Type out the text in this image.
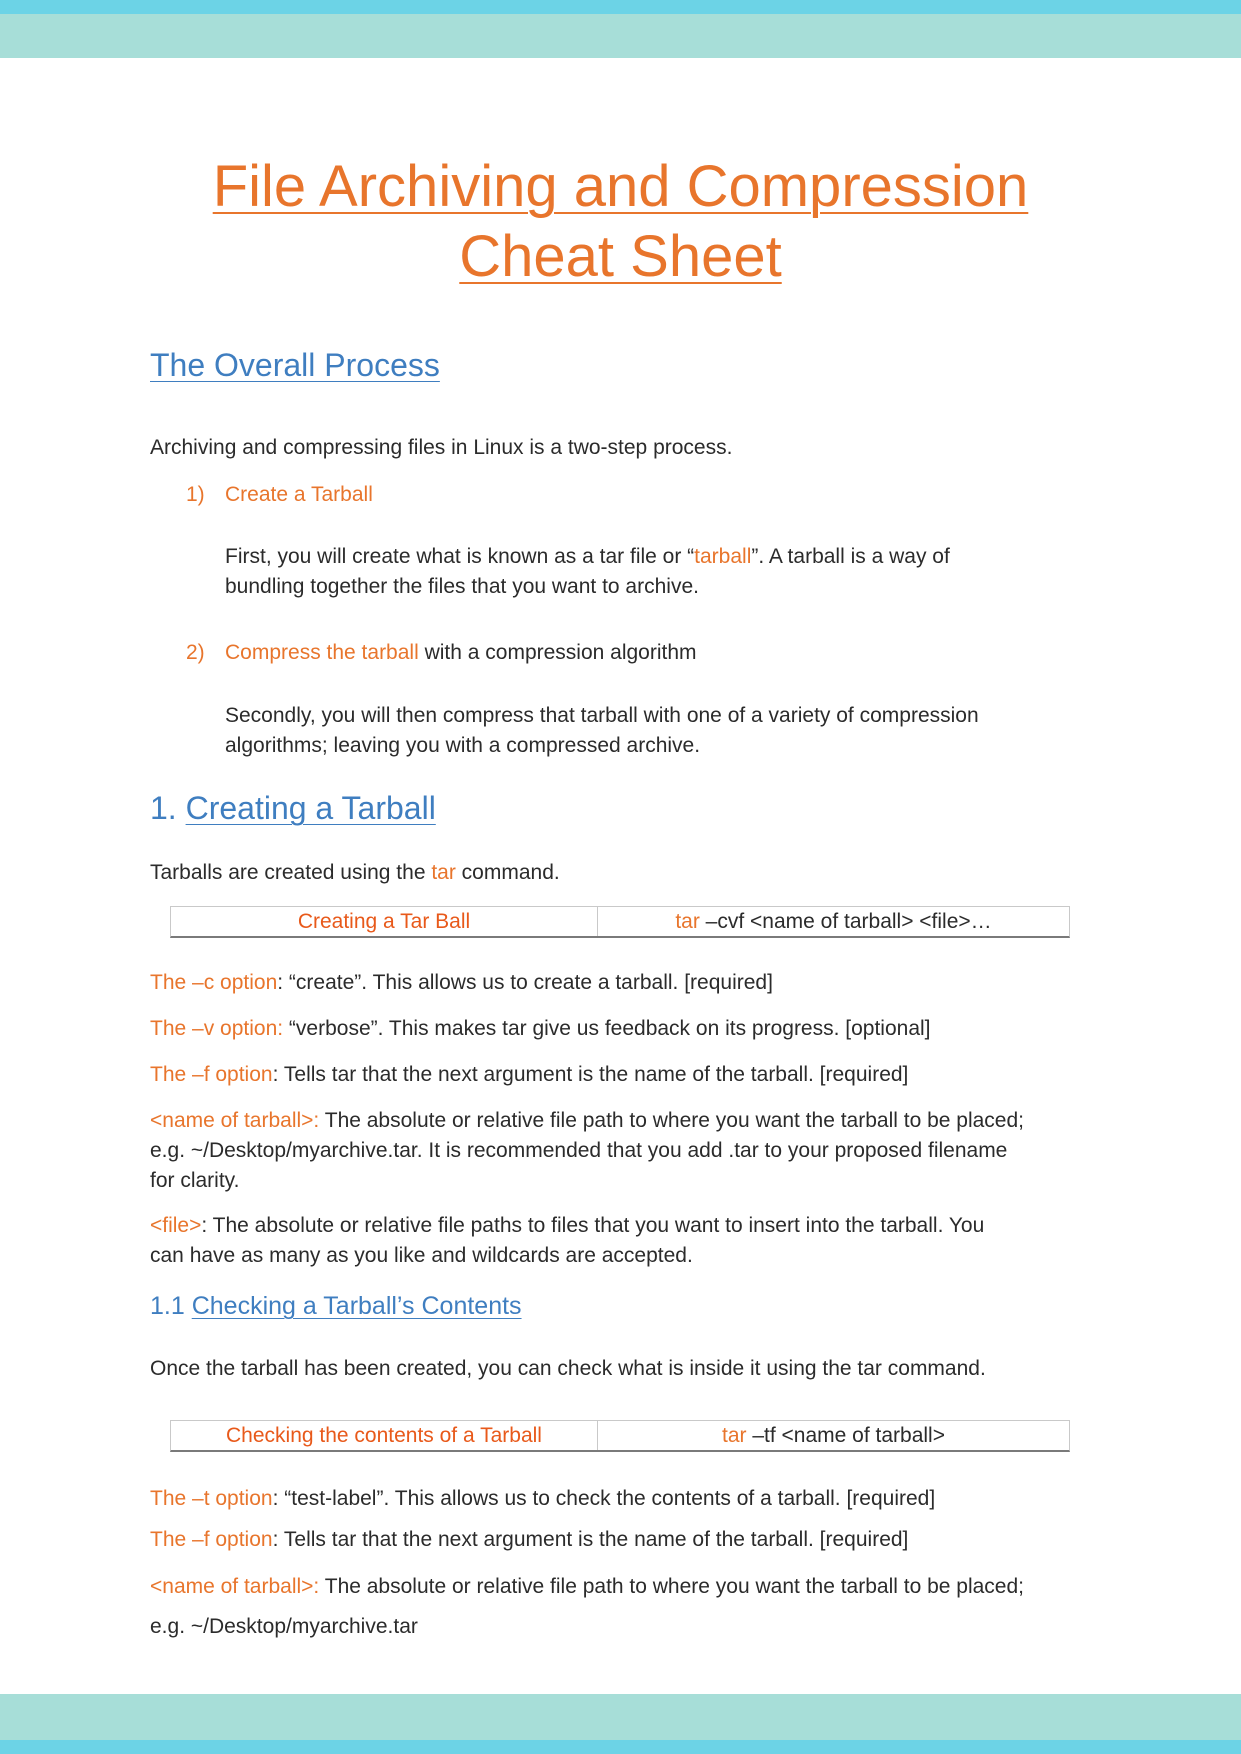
File Archiving and Compression
Cheat Sheet
The Overall Process
Archiving and compressing files in Linux is a two-step process.
1) Create a Tarball
First, you will create what is known as a tar file or “tarball”. A tarball is a way of
bundling together the files that you want to archive.
2) Compress the tarball with a compression algorithm
Secondly, you will then compress that tarball with one of a variety of compression
algorithms; leaving you with a compressed archive.
1. Creating a Tarball
Tarballs are created using the tar command.
Creating a Tar Ball	tar –cvf <name of tarball> <file>…
The –c option: “create”. This allows us to create a tarball. [required]
The –v option: “verbose”. This makes tar give us feedback on its progress. [optional]
The –f option: Tells tar that the next argument is the name of the tarball. [required]
<name of tarball>: The absolute or relative file path to where you want the tarball to be placed;
e.g. ~/Desktop/myarchive.tar. It is recommended that you add .tar to your proposed filename
for clarity.
<file>: The absolute or relative file paths to files that you want to insert into the tarball. You
can have as many as you like and wildcards are accepted.
1.1 Checking a Tarball’s Contents
Once the tarball has been created, you can check what is inside it using the tar command.
Checking the contents of a Tarball	tar –tf <name of tarball>
The –t option: “test-label”. This allows us to check the contents of a tarball. [required]
The –f option: Tells tar that the next argument is the name of the tarball. [required]
<name of tarball>: The absolute or relative file path to where you want the tarball to be placed;
e.g. ~/Desktop/myarchive.tar
